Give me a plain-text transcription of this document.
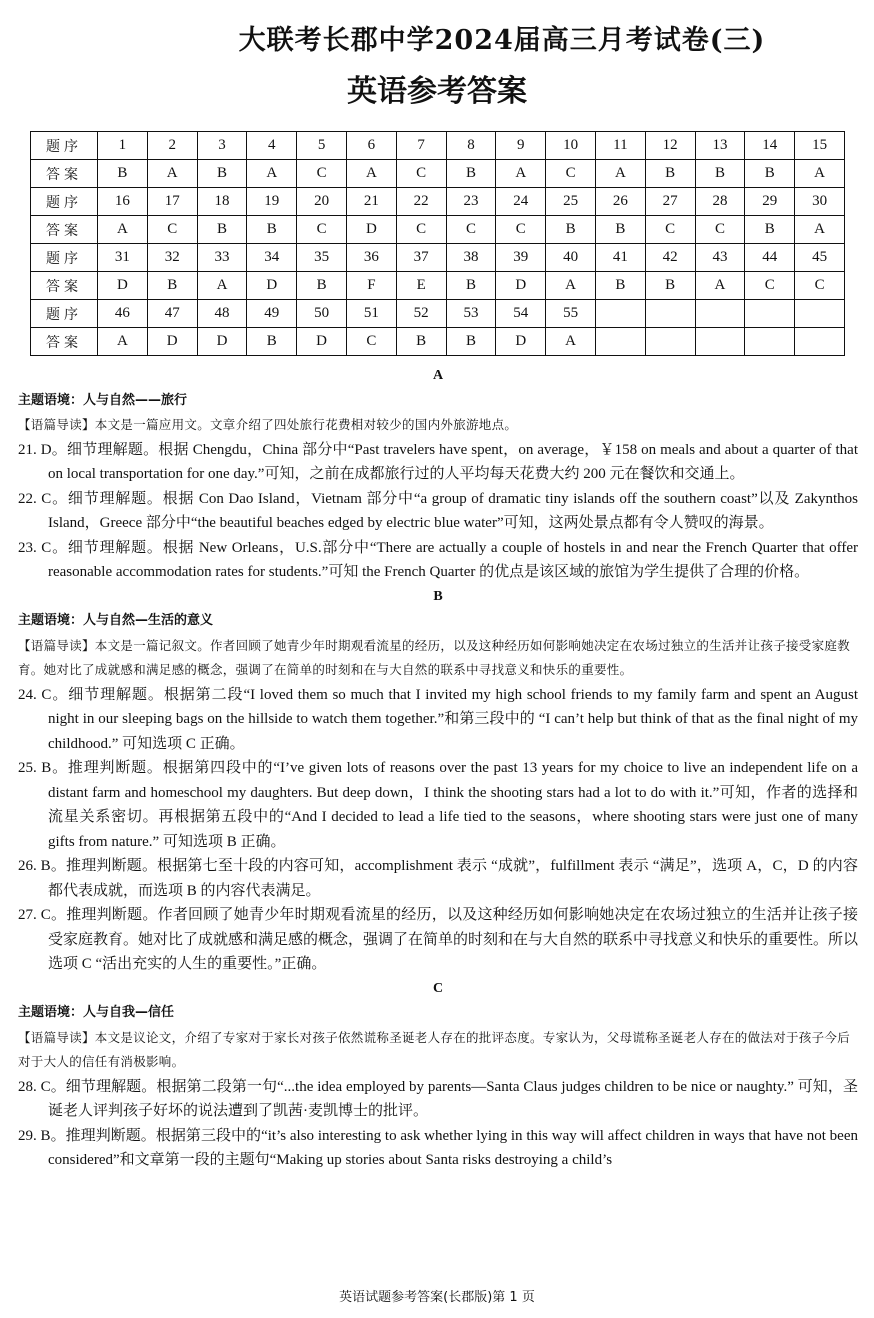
大联考长郡中学2024届高三月考试卷(三)
英语参考答案
题序	1	2	3	4	5	6	7	8	9	10	11	12	13	14	15
答案	B	A	B	A	C	A	C	B	A	C	A	B	B	B	A
题序	16	17	18	19	20	21	22	23	24	25	26	27	28	29	30
答案	A	C	B	B	C	D	C	C	C	B	B	C	C	B	A
题序	31	32	33	34	35	36	37	38	39	40	41	42	43	44	45
答案	D	B	A	D	B	F	E	B	D	A	B	B	A	C	C
题序	46	47	48	49	50	51	52	53	54	55					
答案	A	D	D	B	D	C	B	B	D	A					

A

主题语境：人与自然——旅行

【语篇导读】本文是一篇应用文。文章介绍了四处旅行花费相对较少的国内外旅游地点。

21. D。细节理解题。根据 Chengdu，China 部分中“Past travelers have spent，on average，￥158 on meals and about a quarter of that on local transportation for one day.”可知，之前在成都旅行过的人平均每天花费大约 200 元在餐饮和交通上。

22. C。细节理解题。根据 Con Dao Island，Vietnam 部分中“a group of dramatic tiny islands off the southern coast”以及 Zakynthos Island，Greece 部分中“the beautiful beaches edged by electric blue water”可知，这两处景点都有令人赞叹的海景。

23. C。细节理解题。根据 New Orleans，U.S.部分中“There are actually a couple of hostels in and near the French Quarter that offer reasonable accommodation rates for students.”可知 the French Quarter 的优点是该区域的旅馆为学生提供了合理的价格。

B

主题语境：人与自然—生活的意义

【语篇导读】本文是一篇记叙文。作者回顾了她青少年时期观看流星的经历，以及这种经历如何影响她决定在农场过独立的生活并让孩子接受家庭教育。她对比了成就感和满足感的概念，强调了在简单的时刻和在与大自然的联系中寻找意义和快乐的重要性。

24. C。细节理解题。根据第二段“I loved them so much that I invited my high school friends to my family farm and spent an August night in our sleeping bags on the hillside to watch them together.”和第三段中的 “I can’t help but think of that as the final night of my childhood.” 可知选项 C 正确。

25. B。推理判断题。根据第四段中的“I’ve given lots of reasons over the past 13 years for my choice to live an independent life on a distant farm and homeschool my daughters. But deep down，I think the shooting stars had a lot to do with it.”可知，作者的选择和流星关系密切。再根据第五段中的“And I decided to lead a life tied to the seasons，where shooting stars were just one of many gifts from nature.” 可知选项 B 正确。

26. B。推理判断题。根据第七至十段的内容可知，accomplishment 表示 “成就”，fulfillment 表示 “满足”，选项 A，C，D 的内容都代表成就，而选项 B 的内容代表满足。

27. C。推理判断题。作者回顾了她青少年时期观看流星的经历，以及这种经历如何影响她决定在农场过独立的生活并让孩子接受家庭教育。她对比了成就感和满足感的概念，强调了在简单的时刻和在与大自然的联系中寻找意义和快乐的重要性。所以选项 C “活出充实的人生的重要性。”正确。

C

主题语境：人与自我—信任

【语篇导读】本文是议论文，介绍了专家对于家长对孩子依然谎称圣诞老人存在的批评态度。专家认为，父母谎称圣诞老人存在的做法对于孩子今后对于大人的信任有消极影响。

28. C。细节理解题。根据第二段第一句“...the idea employed by parents—Santa Claus judges children to be nice or naughty.” 可知，圣诞老人评判孩子好坏的说法遭到了凯茜·麦凯博士的批评。

29. B。推理判断题。根据第三段中的“it’s also interesting to ask whether lying in this way will affect children in ways that have not been considered”和文章第一段的主题句“Making up stories about Santa risks destroying a child’s

英语试题参考答案(长郡版)第 1 页
